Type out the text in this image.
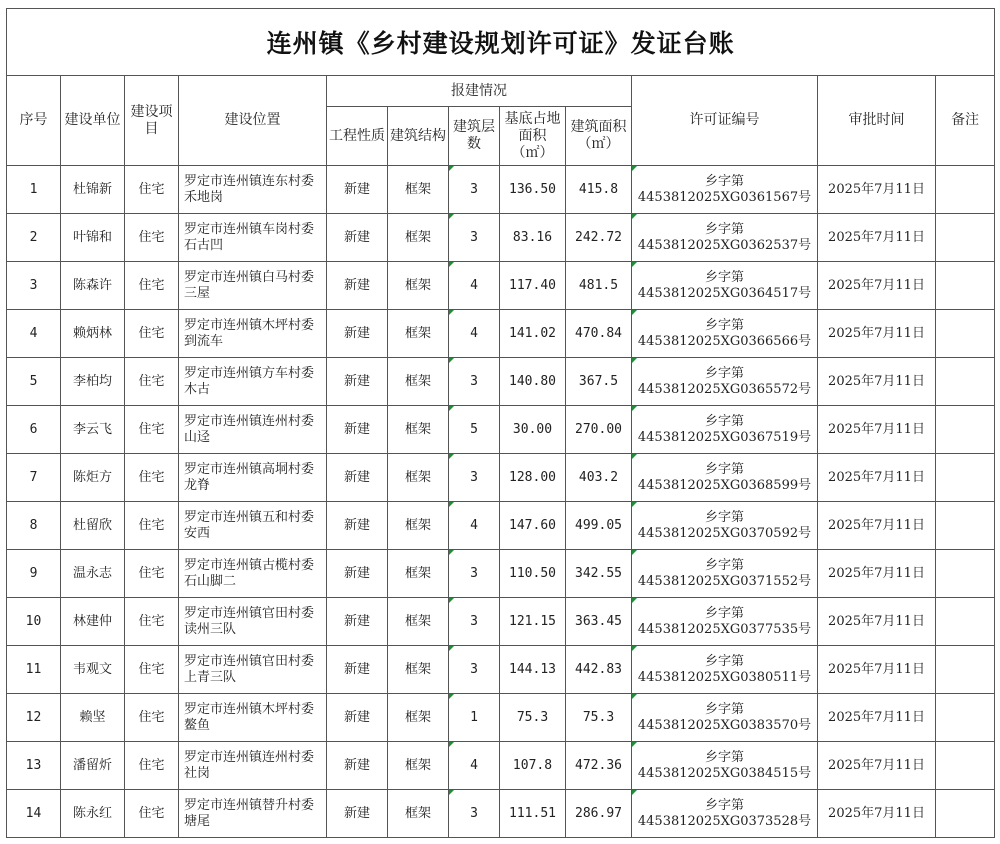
连州镇《乡村建设规划许可证》发证台账											
序号	建设单位	建设项目	建设位置	报建情况					许可证编号	审批时间	备注
				工程性质	建筑结构	建筑层数	基底占地面积（㎡）	建筑面积（㎡）			
1	杜锦新	住宅	罗定市连州镇连东村委禾地岗	新建	框架	3	136.50	415.8	乡字第4453812025XG0361567号	2025年7月11日	
2	叶锦和	住宅	罗定市连州镇车岗村委石古凹	新建	框架	3	83.16	242.72	乡字第4453812025XG0362537号	2025年7月11日	
3	陈森许	住宅	罗定市连州镇白马村委三屋	新建	框架	4	117.40	481.5	乡字第4453812025XG0364517号	2025年7月11日	
4	赖炳林	住宅	罗定市连州镇木坪村委到流车	新建	框架	4	141.02	470.84	乡字第4453812025XG0366566号	2025年7月11日	
5	李柏均	住宅	罗定市连州镇方车村委木古	新建	框架	3	140.80	367.5	乡字第4453812025XG0365572号	2025年7月11日	
6	李云飞	住宅	罗定市连州镇连州村委山迳	新建	框架	5	30.00	270.00	乡字第4453812025XG0367519号	2025年7月11日	
7	陈炬方	住宅	罗定市连州镇高垌村委龙脊	新建	框架	3	128.00	403.2	乡字第4453812025XG0368599号	2025年7月11日	
8	杜留欣	住宅	罗定市连州镇五和村委安西	新建	框架	4	147.60	499.05	乡字第4453812025XG0370592号	2025年7月11日	
9	温永志	住宅	罗定市连州镇古榄村委石山脚二	新建	框架	3	110.50	342.55	乡字第4453812025XG0371552号	2025年7月11日	
10	林建仲	住宅	罗定市连州镇官田村委读州三队	新建	框架	3	121.15	363.45	乡字第4453812025XG0377535号	2025年7月11日	
11	韦观文	住宅	罗定市连州镇官田村委上青三队	新建	框架	3	144.13	442.83	乡字第4453812025XG0380511号	2025年7月11日	
12	赖坚	住宅	罗定市连州镇木坪村委鳌鱼	新建	框架	1	75.3	75.3	乡字第4453812025XG0383570号	2025年7月11日	
13	潘留炘	住宅	罗定市连州镇连州村委社岗	新建	框架	4	107.8	472.36	乡字第4453812025XG0384515号	2025年7月11日	
14	陈永红	住宅	罗定市连州镇替升村委塘尾	新建	框架	3	111.51	286.97	乡字第4453812025XG0373528号	2025年7月11日	
